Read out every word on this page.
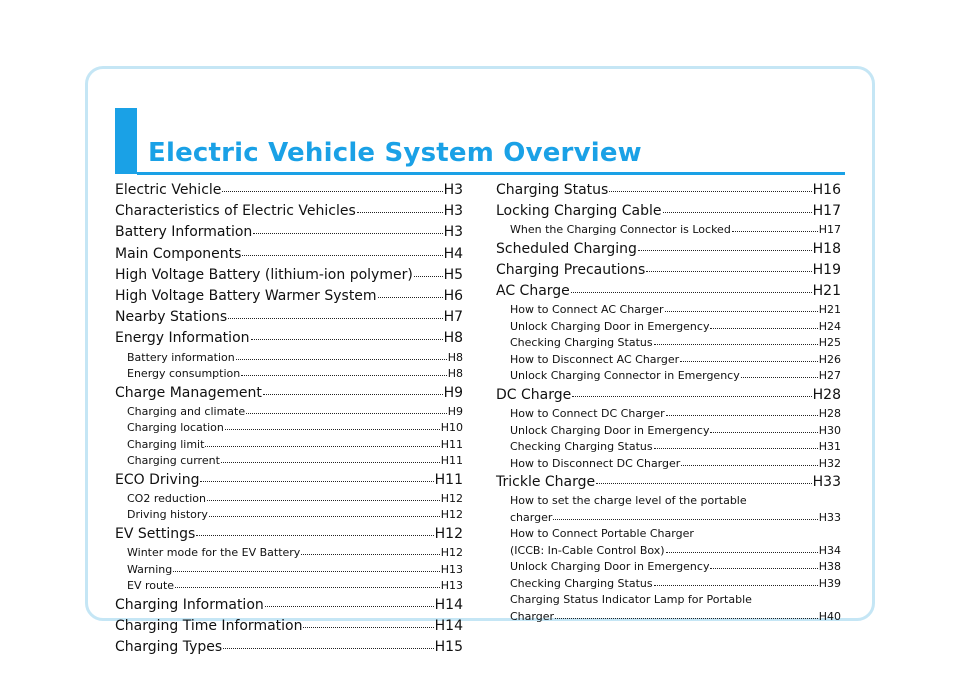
Electric Vehicle System Overview
Electric Vehicle	H3
Characteristics of Electric Vehicles	H3
Battery Information	H3
Main Components	H4
High Voltage Battery (lithium-ion polymer) H5
High Voltage Battery Warmer System	H6
Nearby Stations	H7
Energy Information	H8
Battery information	H8
Energy consumption	H8
Charge Management	H9
Charging and climate	H9
Charging location	H10
Charging limit	H11
Charging current	H11
ECO Driving	H11
CO2 reduction	H12
Driving history	H12
EV Settings	H12
Winter mode for the EV Battery	H12
Warning	H13
EV route	H13
Charging Information	H14
Charging Time Information	H14
Charging Types	H15
Charging Status	H16
Locking Charging Cable	H17
When the Charging Connector is Locked	H17
Scheduled Charging	H18
Charging Precautions	H19
AC Charge	H21
How to Connect AC Charger	H21
Unlock Charging Door in Emergency	H24
Checking Charging Status	H25
How to Disconnect AC Charger	H26
Unlock Charging Connector in Emergency	H27
DC Charge	H28
How to Connect DC Charger	H28
Unlock Charging Door in Emergency	H30
Checking Charging Status	H31
How to Disconnect DC Charger	H32
Trickle Charge	H33
How to set the charge level of the portable
charger	H33
How to Connect Portable Charger
(ICCB: In-Cable Control Box)	H34
Unlock Charging Door in Emergency	H38
Checking Charging Status	H39
Charging Status Indicator Lamp for Portable
Charger	H40
